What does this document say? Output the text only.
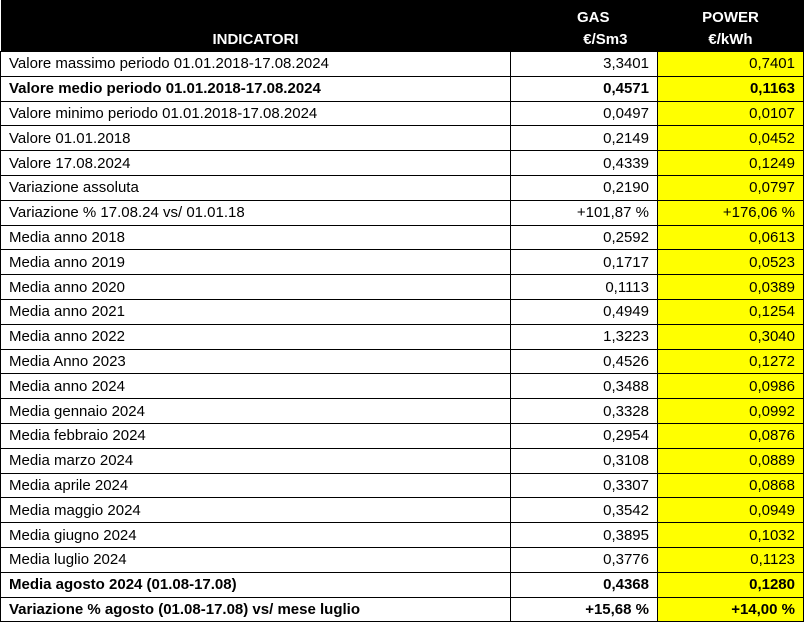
	GAS	POWER
INDICATORI	€/Sm3	€/kWh
Valore massimo periodo 01.01.2018-17.08.2024	3,3401	0,7401
Valore medio periodo 01.01.2018-17.08.2024	0,4571	0,1163
Valore minimo periodo 01.01.2018-17.08.2024	0,0497	0,0107
Valore 01.01.2018	0,2149	0,0452
Valore 17.08.2024	0,4339	0,1249
Variazione assoluta	0,2190	0,0797
Variazione % 17.08.24 vs/ 01.01.18	+101,87 %	+176,06 %
Media anno 2018	0,2592	0,0613
Media anno 2019	0,1717	0,0523
Media anno 2020	0,1113	0,0389
Media anno 2021	0,4949	0,1254
Media anno 2022	1,3223	0,3040
Media Anno 2023	0,4526	0,1272
Media anno 2024	0,3488	0,0986
Media gennaio 2024	0,3328	0,0992
Media febbraio 2024	0,2954	0,0876
Media marzo 2024	0,3108	0,0889
Media aprile 2024	0,3307	0,0868
Media maggio 2024	0,3542	0,0949
Media giugno 2024	0,3895	0,1032
Media luglio 2024	0,3776	0,1123
Media agosto 2024 (01.08-17.08)	0,4368	0,1280
Variazione % agosto (01.08-17.08) vs/ mese luglio	+15,68 %	+14,00 %
